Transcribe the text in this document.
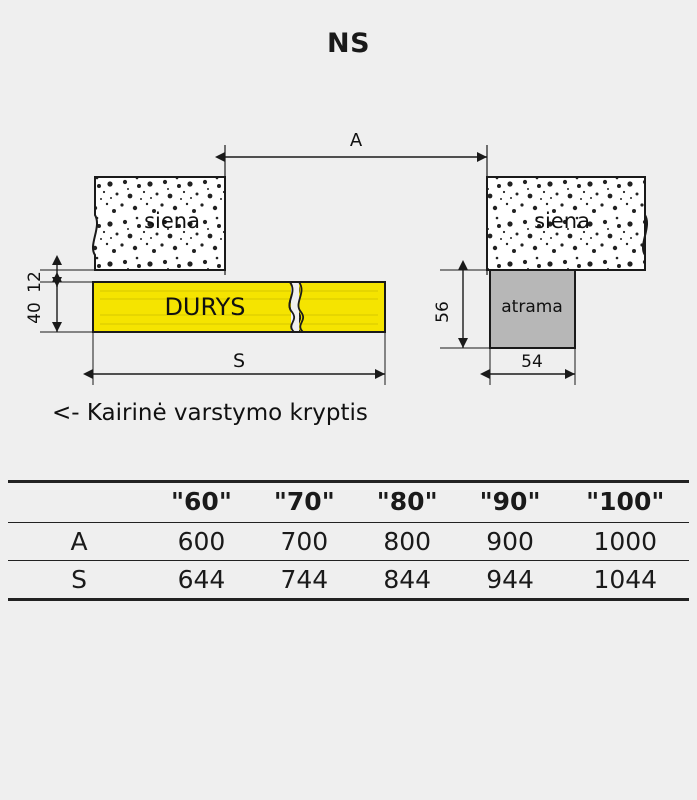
NS
A
siena
DURYS
12
40
S
siena
atrama
56
54
<- Kairinė varstymo kryptis
	"60"	"70"	"80"	"90"	"100"
A	600	700	800	900	1000
S	644	744	844	944	1044
